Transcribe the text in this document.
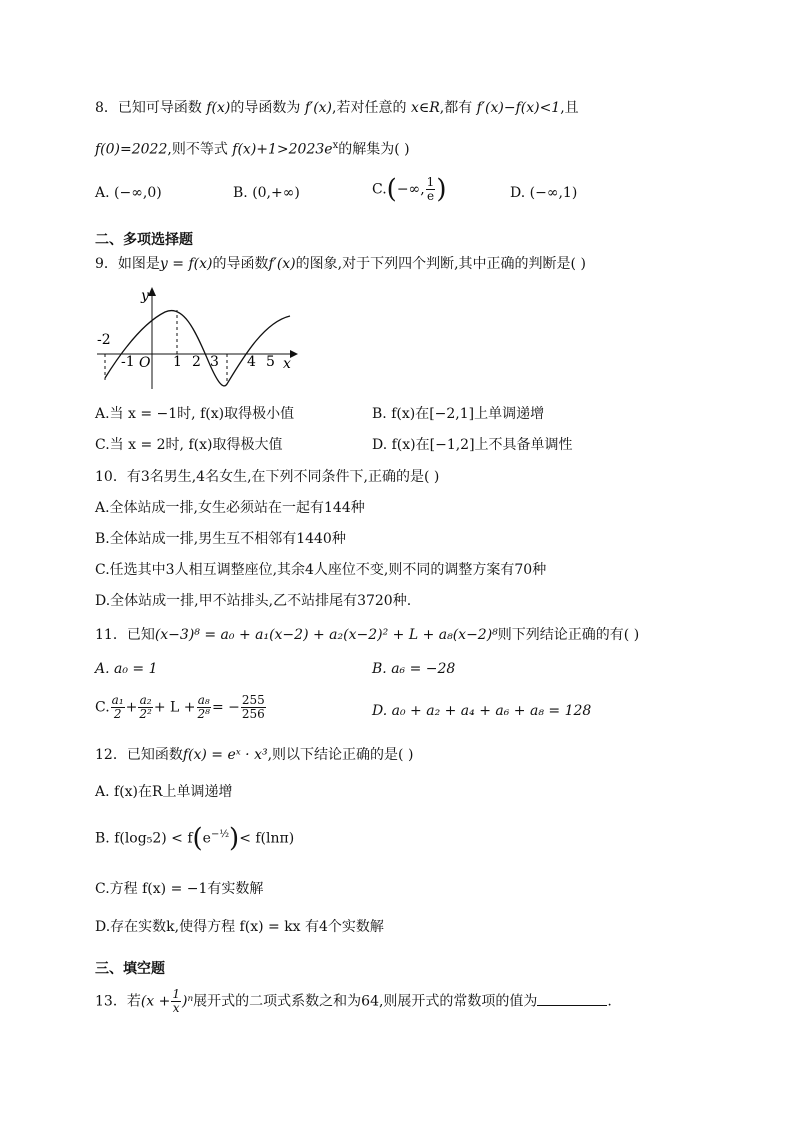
8．已知可导函数 f(x)的导函数为 f′(x),若对任意的 x∈R,都有 f′(x)−f(x)<1,且
f(0)=2022,则不等式 $f(x)+1>2023e^x$的解集为( )
A. (−∞,0)	B. (0,+∞)	C.(−∞, $\frac{1}{e}$ )	D. (−∞,1)
二、多项选择题
9．如图是y = f(x)的导函数f′(x)的图象,对于下列四个判断,其中正确的判断是( )
y
x
O
-2
-1	1 2 3 4 5
A.当 x = −1时, f(x)取得极小值	B. f(x)在[−2,1]上单调递增
C.当 x = 2时, f(x)取得极大值	D. f(x)在[−1,2]上不具备单调性
10．有3名男生,4名女生,在下列不同条件下,正确的是( )
A.全体站成一排,女生必须站在一起有144种
B.全体站成一排,男生互不相邻有1440种
C.任选其中3人相互调整座位,其余4人座位不变,则不同的调整方案有70种
D.全体站成一排,甲不站排头,乙不站排尾有3720种.
11．已知(x−3)⁸ = a₀ + a₁(x−2) + a₂(x−2)² + L + a₈(x−2)⁸则下列结论正确的有( )
A. a₀ = 1	B. a₆ = −28
C. $\frac{\text{a₁}}{2} + \frac{\text{a₂}}{\text{2²}} + L + \frac{\text{a₈}}{\text{2⁸}}$ = − $\frac{255}{256}$	D. a₀ + a₂ + a₄ + a₆ + a₈ = 128
12．已知函数f(x) = eˣ · x³,则以下结论正确的是( )
A. f(x)在R上单调递增
B. $f(\log_52) < f(e^{-\frac{1}{2}})< f(\ln\pi)$
C.方程 f(x) = −1有实数解
D.存在实数k,使得方程 f(x) = kx 有4个实数解
三、填空题
13．若$(x + \frac{1}{x} )^n$展开式的二项式系数之和为64,则展开式的常数项的值为	.
